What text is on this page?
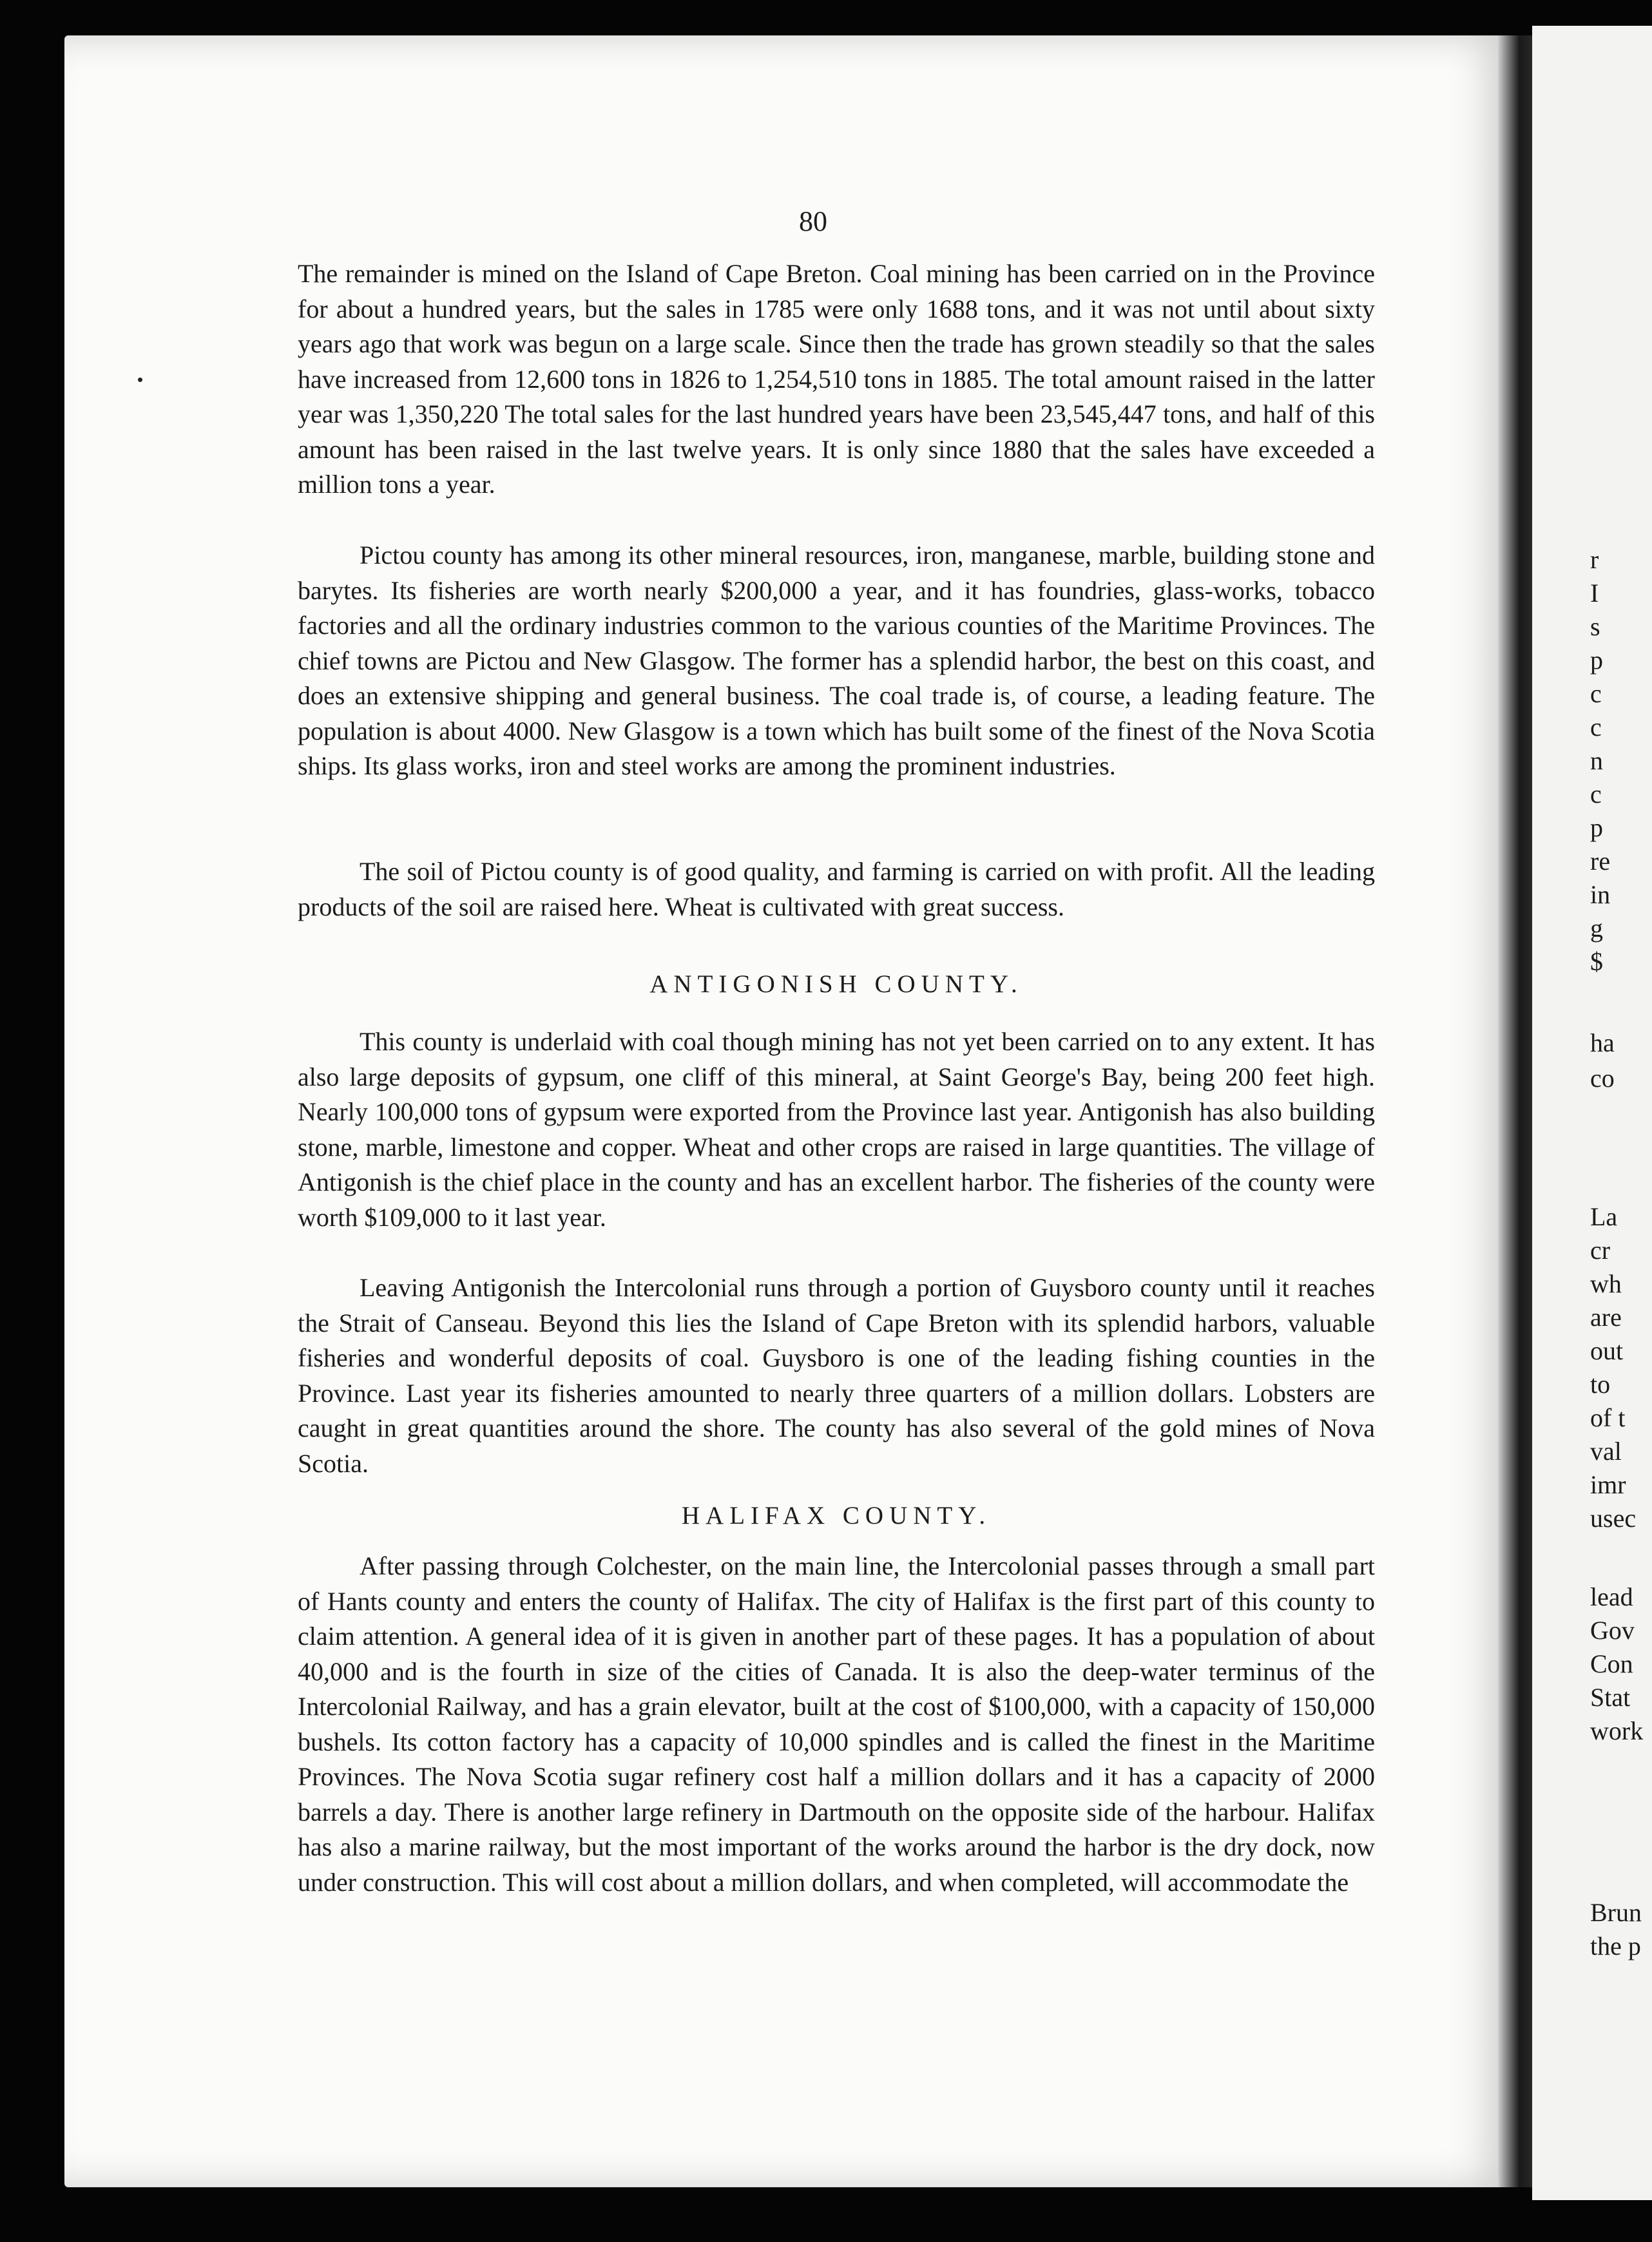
80

The remainder is mined on the Island of Cape Breton. Coal mining has been carried on in the Province for about a hundred years, but the sales in 1785 were only 1688 tons, and it was not until about sixty years ago that work was begun on a large scale. Since then the trade has grown steadily so that the sales have increased from 12,600 tons in 1826 to 1,254,510 tons in 1885. The total amount raised in the latter year was 1,350,220 The total sales for the last hundred years have been 23,545,447 tons, and half of this amount has been raised in the last twelve years. It is only since 1880 that the sales have exceeded a million tons a year.

Pictou county has among its other mineral resources, iron, manganese, marble, building stone and barytes. Its fisheries are worth nearly $200,000 a year, and it has foundries, glass-works, tobacco factories and all the ordinary industries common to the various counties of the Maritime Provinces. The chief towns are Pictou and New Glasgow. The former has a splendid harbor, the best on this coast, and does an extensive shipping and general business. The coal trade is, of course, a leading feature. The population is about 4000. New Glasgow is a town which has built some of the finest of the Nova Scotia ships. Its glass works, iron and steel works are among the prominent industries.

The soil of Pictou county is of good quality, and farming is carried on with profit. All the leading products of the soil are raised here. Wheat is cultivated with great success.

ANTIGONISH COUNTY.

This county is underlaid with coal though mining has not yet been carried on to any extent. It has also large deposits of gypsum, one cliff of this mineral, at Saint George's Bay, being 200 feet high. Nearly 100,000 tons of gypsum were exported from the Province last year. Antigonish has also building stone, marble, limestone and copper. Wheat and other crops are raised in large quantities. The village of Antigonish is the chief place in the county and has an excellent harbor. The fisheries of the county were worth $109,000 to it last year.

Leaving Antigonish the Intercolonial runs through a portion of Guysboro county until it reaches the Strait of Canseau. Beyond this lies the Island of Cape Breton with its splendid harbors, valuable fisheries and wonderful deposits of coal. Guysboro is one of the leading fishing counties in the Province. Last year its fisheries amounted to nearly three quarters of a million dollars. Lobsters are caught in great quantities around the shore. The county has also several of the gold mines of Nova Scotia.

HALIFAX COUNTY.

After passing through Colchester, on the main line, the Intercolonial passes through a small part of Hants county and enters the county of Halifax. The city of Halifax is the first part of this county to claim attention. A general idea of it is given in another part of these pages. It has a population of about 40,000 and is the fourth in size of the cities of Canada. It is also the deep-water terminus of the Intercolonial Railway, and has a grain elevator, built at the cost of $100,000, with a capacity of 150,000 bushels. Its cotton factory has a capacity of 10,000 spindles and is called the finest in the Maritime Provinces. The Nova Scotia sugar refinery cost half a million dollars and it has a capacity of 2000 barrels a day. There is another large refinery in Dartmouth on the opposite side of the harbour. Halifax has also a marine railway, but the most important of the works around the harbor is the dry dock, now under construction. This will cost about a million dollars, and when completed, will accommodate the

r
I
s
p
c
c
n
c
p
re
in
g
$
ha
co
La
cr
wh
are
out
to
of t
val
imr
usec
lead
Gov
Con
Stat
work
Brun
the p
